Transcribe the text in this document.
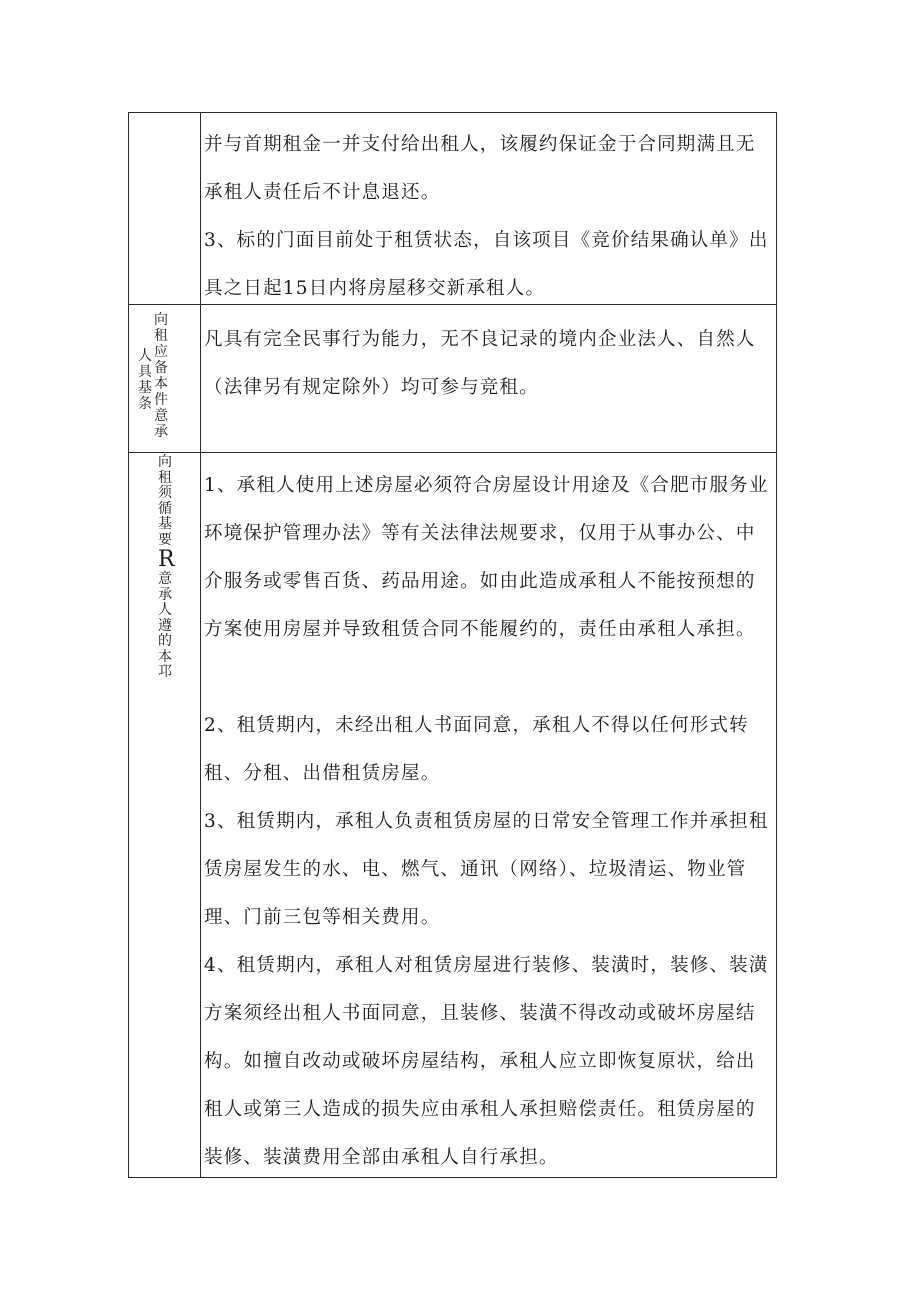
并与首期租金一并支付给出租人，该履约保证金于合同期满且无承租人责任后不计息退还。
3、标的门面目前处于租赁状态，自该项目《竞价结果确认单》出具之日起15日内将房屋移交新承租人。
人
具
基
条
向
租
应
备
本
件
意
承
凡具有完全民事行为能力，无不良记录的境内企业法人、自然人（法律另有规定除外）均可参与竞租。
向
租
须
循
基
要
R
意
承
人
遵
的
本
邛
1、承租人使用上述房屋必须符合房屋设计用途及《合肥市服务业环境保护管理办法》等有关法律法规要求，仅用于从事办公、中介服务或零售百货、药品用途。如由此造成承租人不能按预想的方案使用房屋并导致租赁合同不能履约的，责任由承租人承担。
2、租赁期内，未经出租人书面同意，承租人不得以任何形式转租、分租、出借租赁房屋。
3、租赁期内，承租人负责租赁房屋的日常安全管理工作并承担租赁房屋发生的水、电、燃气、通讯（网络）、垃圾清运、物业管理、门前三包等相关费用。
4、租赁期内，承租人对租赁房屋进行装修、装潢时，装修、装潢方案须经出租人书面同意，且装修、装潢不得改动或破坏房屋结构。如擅自改动或破坏房屋结构，承租人应立即恢复原状，给出租人或第三人造成的损失应由承租人承担赔偿责任。租赁房屋的装修、装潢费用全部由承租人自行承担。
